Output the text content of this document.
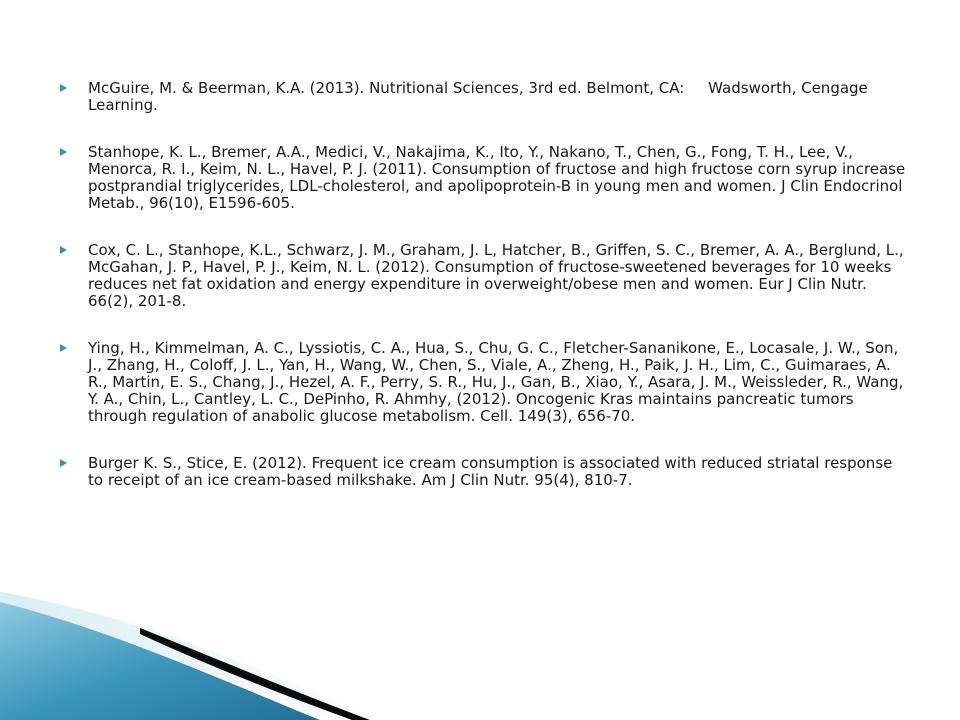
McGuire, M. & Beerman, K.A. (2013). Nutritional Sciences, 3rd ed. Belmont, CA:     Wadsworth, Cengage Learning.
Stanhope, K. L., Bremer, A.A., Medici, V., Nakajima, K., Ito, Y., Nakano, T., Chen, G., Fong, T. H., Lee, V., Menorca, R. I., Keim, N. L., Havel, P. J. (2011). Consumption of fructose and high fructose corn syrup increase postprandial triglycerides, LDL-cholesterol, and apolipoprotein-B in young men and women. J Clin Endocrinol Metab., 96(10), E1596-605.
Cox, C. L., Stanhope, K.L., Schwarz, J. M., Graham, J. L, Hatcher, B., Griffen, S. C., Bremer, A. A., Berglund, L., McGahan, J. P., Havel, P. J., Keim, N. L. (2012). Consumption of fructose-sweetened beverages for 10 weeks reduces net fat oxidation and energy expenditure in overweight/obese men and women. Eur J Clin Nutr. 66(2), 201-8.
Ying, H., Kimmelman, A. C., Lyssiotis, C. A., Hua, S., Chu, G. C., Fletcher-Sananikone, E., Locasale, J. W., Son, J., Zhang, H., Coloff, J. L., Yan, H., Wang, W., Chen, S., Viale, A., Zheng, H., Paik, J. H., Lim, C., Guimaraes, A. R., Martin, E. S., Chang, J., Hezel, A. F., Perry, S. R., Hu, J., Gan, B., Xiao, Y., Asara, J. M., Weissleder, R., Wang, Y. A., Chin, L., Cantley, L. C., DePinho, R. Ahmhy, (2012). Oncogenic Kras maintains pancreatic tumors through regulation of anabolic glucose metabolism. Cell. 149(3), 656-70.
Burger K. S., Stice, E. (2012). Frequent ice cream consumption is associated with reduced striatal response to receipt of an ice cream-based milkshake. Am J Clin Nutr. 95(4), 810-7.
